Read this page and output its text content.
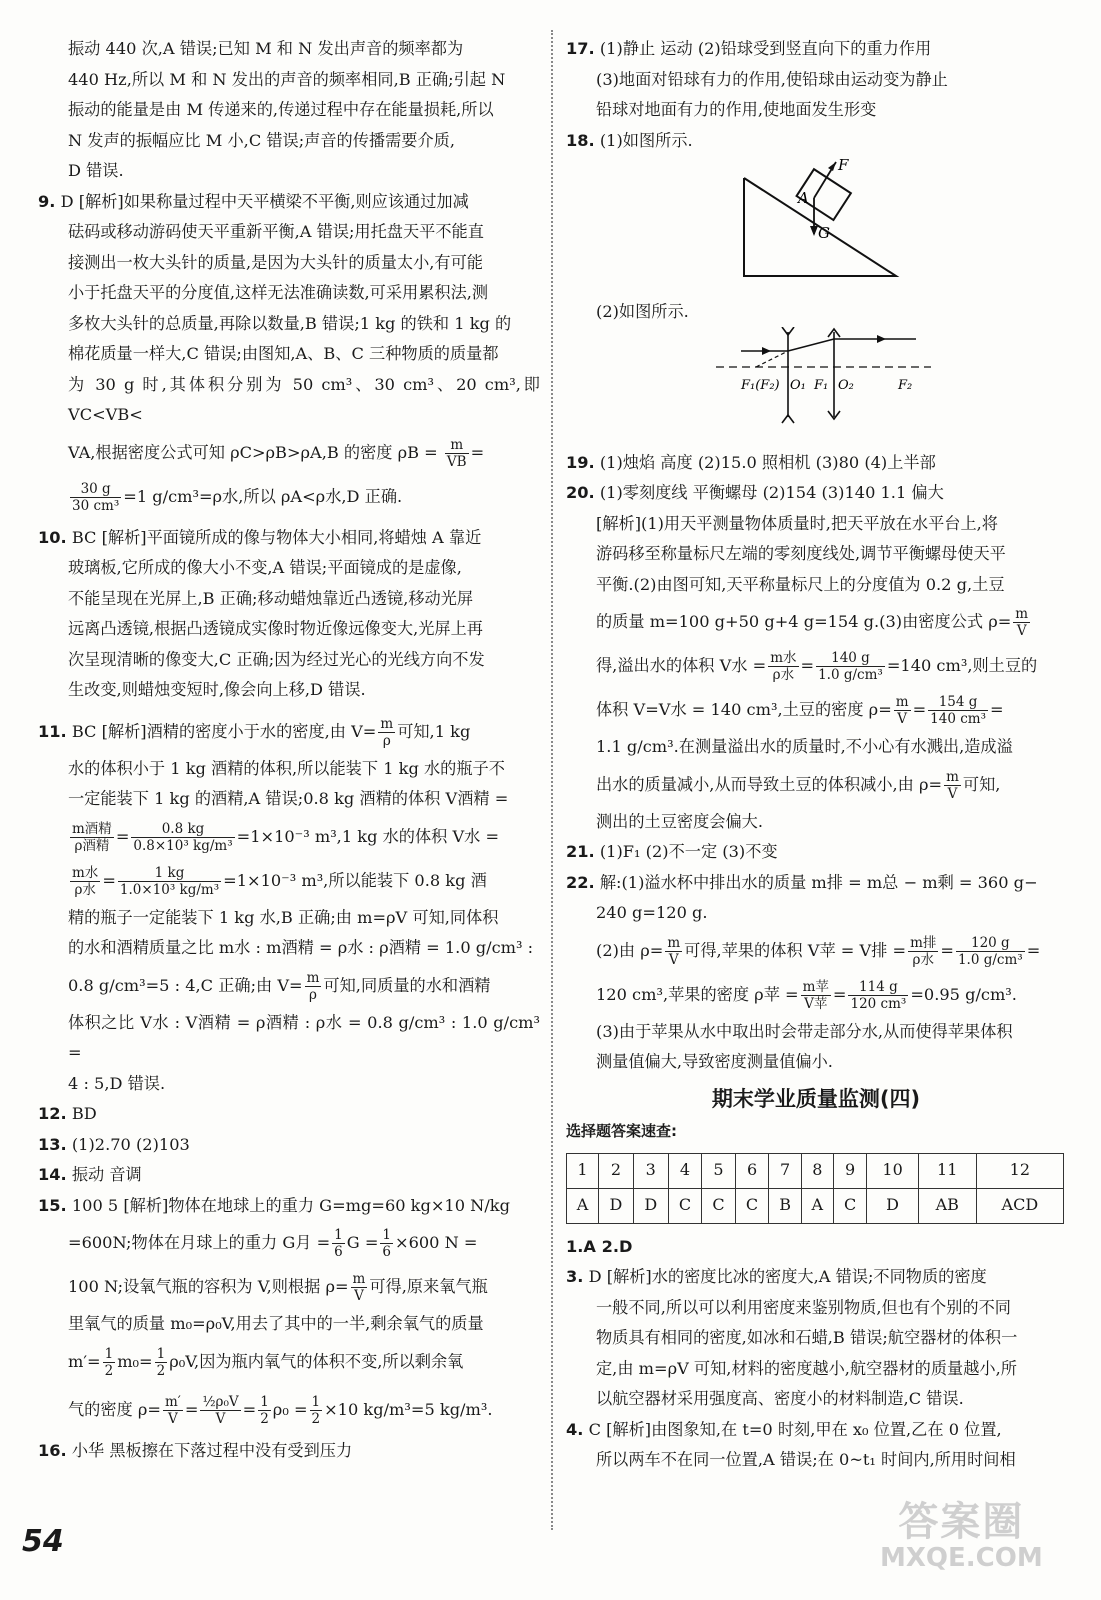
振动 440 次,A 错误;已知 M 和 N 发出声音的频率都为

440 Hz,所以 M 和 N 发出的声音的频率相同,B 正确;引起 N

振动的能量是由 M 传递来的,传递过程中存在能量损耗,所以

N 发声的振幅应比 M 小,C 错误;声音的传播需要介质,

D 错误.

9. D [解析]如果称量过程中天平横梁不平衡,则应该通过加减

砝码或移动游码使天平重新平衡,A 错误;用托盘天平不能直

接测出一枚大头针的质量,是因为大头针的质量太小,有可能

小于托盘天平的分度值,这样无法准确读数,可采用累积法,测

多枚大头针的总质量,再除以数量,B 错误;1 kg 的铁和 1 kg 的

棉花质量一样大,C 错误;由图知,A、B、C 三种物质的质量都

为 30 g 时,其体积分别为 50 cm³、30 cm³、20 cm³,即 VC<VB<

VA,根据密度公式可知 ρC>ρB>ρA,B 的密度 $\rho B = \frac{m}{VB}$ =

$\frac{30 g}{\text{30 cm³}} =1$ g/cm³=ρ水,所以 ρA<ρ水,D 正确.

10. BC [解析]平面镜所成的像与物体大小相同,将蜡烛 A 靠近

玻璃板,它所成的像大小不变,A 错误;平面镜成的是虚像,

不能呈现在光屏上,B 正确;移动蜡烛靠近凸透镜,移动光屏

远离凸透镜,根据凸透镜成实像时物近像远像变大,光屏上再

次呈现清晰的像变大,C 正确;因为经过光心的光线方向不发

生改变,则蜡烛变短时,像会向上移,D 错误.

11. BC [解析]酒精的密度小于水的密度,由 $V= \frac{m}{\rho}$ 可知,1 kg

水的体积小于 1 kg 酒精的体积,所以能装下 1 kg 水的瓶子不

一定能装下 1 kg 的酒精,A 错误;0.8 kg 酒精的体积 V酒精 =

$\frac{\text{m酒精}}{\text{ρ酒精}} = \frac{0.8 kg}{\text{0.8×10³ kg/m³}} =1\times 10^{-3}$ m³,1 kg 水的体积 V水 =

$\frac{\text{m水}}{\text{ρ水}} = \frac{1 kg}{\text{1.0×10³ kg/m³}} =1\times 10^{-3}$ m³,所以能装下 0.8 kg 酒

精的瓶子一定能装下 1 kg 水,B 正确;由 m=ρV 可知,同体积

的水和酒精质量之比 m水 : m酒精 = ρ水 : ρ酒精 = 1.0 g/cm³ :

0.8 g/cm³=5 : 4,C 正确;由 $V= \frac{m}{\rho}$ 可知,同质量的水和酒精

体积之比 V水 : V酒精 = ρ酒精 : ρ水 = 0.8 g/cm³ : 1.0 g/cm³ =

4 : 5,D 错误.

12. BD

13. (1)2.70 (2)103

14. 振动 音调

15. 100 5 [解析]物体在地球上的重力 G=mg=60 kg×10 N/kg

=600N;物体在月球上的重力 G月 = $\frac{1}{6}$ $G = \frac{1}{6} \times 600$ N =

100 N;设氧气瓶的容积为 V,则根据 $\rho= \frac{m}{V}$ 可得,原来氧气瓶

里氧气的质量 m₀=ρ₀V,用去了其中的一半,剩余氧气的质量

$m'= \frac{1}{2} m_0= \frac{1}{2} \rho_0V$,因为瓶内氧气的体积不变,所以剩余氧

气的密度 $\rho= \frac{m'}{V} = \frac{\text{½ρ₀V}}{V} = \frac{1}{2} \rho_0 = \frac{1}{2} \times 10$ kg/m³=5 kg/m³.

16. 小华 黑板擦在下落过程中没有受到压力

17. (1)静止 运动 (2)铅球受到竖直向下的重力作用

(3)地面对铅球有力的作用,使铅球由运动变为静止

铅球对地面有力的作用,使地面发生形变

18. (1)如图所示.

F
A
G

(2)如图所示.

F₁(F₂) O₁ F₁ O₂	F₂

19. (1)烛焰 高度 (2)15.0 照相机 (3)80 (4)上半部

20. (1)零刻度线 平衡螺母 (2)154 (3)140 1.1 偏大

[解析](1)用天平测量物体质量时,把天平放在水平台上,将

游码移至称量标尺左端的零刻度线处,调节平衡螺母使天平

平衡.(2)由图可知,天平称量标尺上的分度值为 0.2 g,土豆

的质量 m=100 g+50 g+4 g=154 g.(3)由密度公式 $\rho= \frac{m}{V}$

得,溢出水的体积 V水 = $\frac{\text{m水}}{\text{ρ水}} = \frac{140 g}{\text{1.0 g/cm³}} =140$ cm³,则土豆的

体积 V=V水 = 140 cm³,土豆的密度 $\rho= \frac{m}{V} = \frac{154 g}{\text{140 cm³}}$ =

1.1 g/cm³.在测量溢出水的质量时,不小心有水溅出,造成溢

出水的质量减小,从而导致土豆的体积减小,由 $\rho= \frac{m}{V}$ 可知,

测出的土豆密度会偏大.

21. (1)F₁ (2)不一定 (3)不变

22. 解:(1)溢水杯中排出水的质量 m排 = m总 − m剩 = 360 g−

240 g=120 g.

(2)由 $\rho= \frac{m}{V}$ 可得,苹果的体积 V苹 = V排 = $\frac{\text{m排}}{\text{ρ水}} = \frac{120 g}{\text{1.0 g/cm³}}$ =

120 cm³,苹果的密度 ρ苹 = $\frac{\text{m苹}}{\text{V苹}} = \frac{114 g}{\text{120 cm³}} =0.95$ g/cm³.

(3)由于苹果从水中取出时会带走部分水,从而使得苹果体积

测量值偏大,导致密度测量值偏小.

期末学业质量监测(四)
选择题答案速查:
1	2	3	4	5	6	7	8	9	10	11	12
A	D	D	C	C	C	B	A	C	D	AB	ACD

1.A 2.D

3. D [解析]水的密度比冰的密度大,A 错误;不同物质的密度

一般不同,所以可以利用密度来鉴别物质,但也有个别的不同

物质具有相同的密度,如冰和石蜡,B 错误;航空器材的体积一

定,由 m=ρV 可知,材料的密度越小,航空器材的质量越小,所

以航空器材采用强度高、密度小的材料制造,C 错误.

4. C [解析]由图象知,在 t=0 时刻,甲在 x₀ 位置,乙在 0 位置,

所以两车不在同一位置,A 错误;在 0~t₁ 时间内,所用时间相

54	答案圈
MXQE.COM
